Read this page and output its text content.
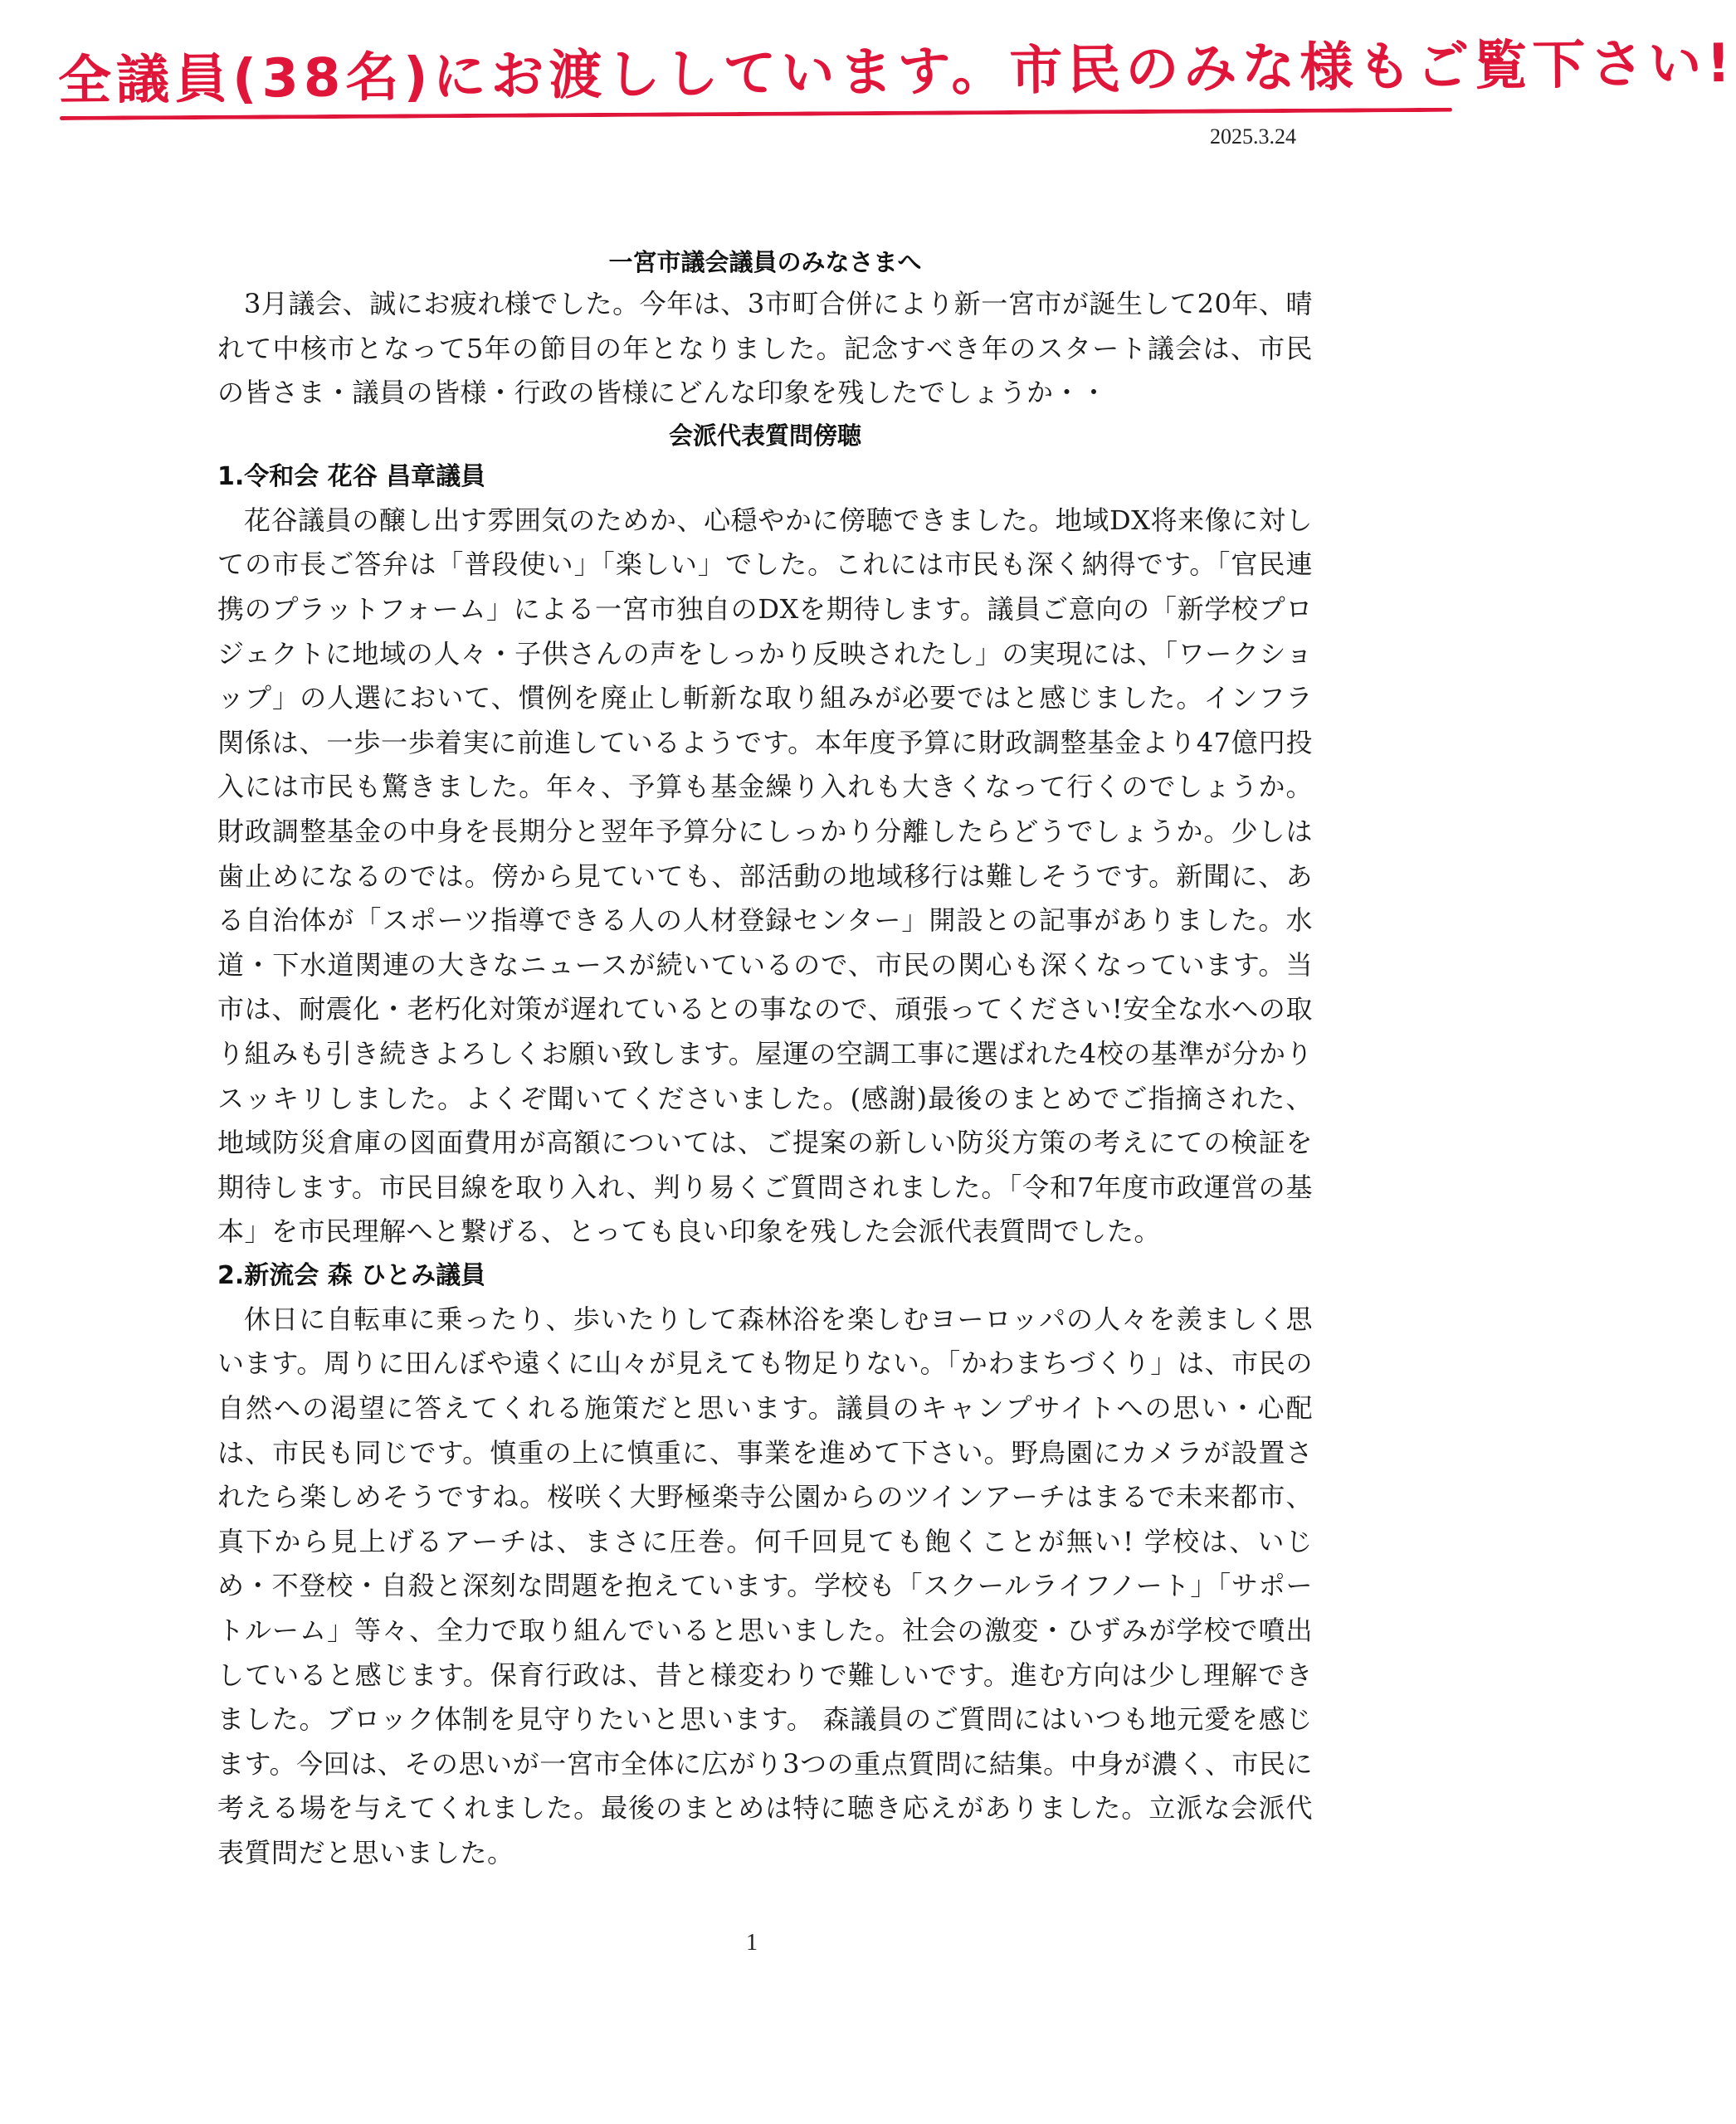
全議員(38名)にお渡ししています。市民のみな様もご覧下さい!
2025.3.24
一宮市議会議員のみなさまへ

3月議会、誠にお疲れ様でした。今年は、3市町合併により新一宮市が誕生して20年、晴れて中核市となって5年の節目の年となりました。記念すべき年のスタート議会は、市民の皆さま・議員の皆様・行政の皆様にどんな印象を残したでしょうか・・

会派代表質問傍聴
1.令和会 花谷 昌章議員

花谷議員の醸し出す雰囲気のためか、心穏やかに傍聴できました。地域DX将来像に対しての市長ご答弁は「普段使い」「楽しい」でした。これには市民も深く納得です。「官民連携のプラットフォーム」による一宮市独自のDXを期待します。議員ご意向の「新学校プロジェクトに地域の人々・子供さんの声をしっかり反映されたし」の実現には、「ワークショップ」の人選において、慣例を廃止し斬新な取り組みが必要ではと感じました。インフラ関係は、一歩一歩着実に前進しているようです。本年度予算に財政調整基金より47億円投入には市民も驚きました。年々、予算も基金繰り入れも大きくなって行くのでしょうか。財政調整基金の中身を長期分と翌年予算分にしっかり分離したらどうでしょうか。少しは歯止めになるのでは。傍から見ていても、部活動の地域移行は難しそうです。新聞に、ある自治体が「スポーツ指導できる人の人材登録センター」開設との記事がありました。水道・下水道関連の大きなニュースが続いているので、市民の関心も深くなっています。当市は、耐震化・老朽化対策が遅れているとの事なので、頑張ってください!安全な水への取り組みも引き続きよろしくお願い致します。屋運の空調工事に選ばれた4校の基準が分かりスッキリしました。よくぞ聞いてくださいました。(感謝)最後のまとめでご指摘された、地域防災倉庫の図面費用が高額については、ご提案の新しい防災方策の考えにての検証を期待します。市民目線を取り入れ、判り易くご質問されました。「令和7年度市政運営の基本」を市民理解へと繋げる、とっても良い印象を残した会派代表質問でした。

2.新流会 森 ひとみ議員

休日に自転車に乗ったり、歩いたりして森林浴を楽しむヨーロッパの人々を羨ましく思います。周りに田んぼや遠くに山々が見えても物足りない。「かわまちづくり」は、市民の自然への渇望に答えてくれる施策だと思います。議員のキャンプサイトへの思い・心配は、市民も同じです。慎重の上に慎重に、事業を進めて下さい。野鳥園にカメラが設置されたら楽しめそうですね。桜咲く大野極楽寺公園からのツインアーチはまるで未来都市、真下から見上げるアーチは、まさに圧巻。何千回見ても飽くことが無い! 学校は、いじめ・不登校・自殺と深刻な問題を抱えています。学校も「スクールライフノート」「サポートルーム」等々、全力で取り組んでいると思いました。社会の激変・ひずみが学校で噴出していると感じます。保育行政は、昔と様変わりで難しいです。進む方向は少し理解できました。ブロック体制を見守りたいと思います。 森議員のご質問にはいつも地元愛を感じます。今回は、その思いが一宮市全体に広がり3つの重点質問に結集。中身が濃く、市民に考える場を与えてくれました。最後のまとめは特に聴き応えがありました。立派な会派代表質問だと思いました。

1
